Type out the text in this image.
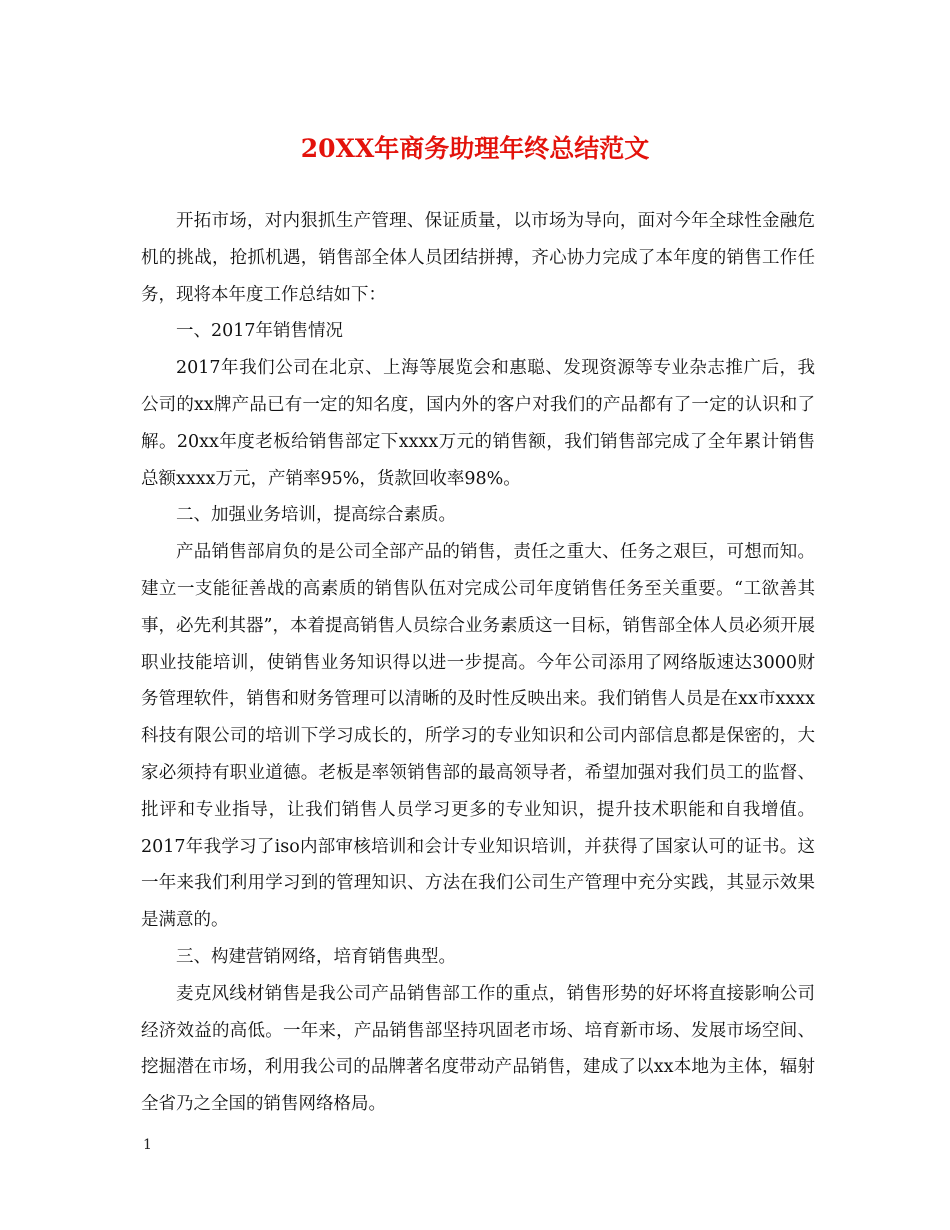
20XX年商务助理年终总结范文

开拓市场，对内狠抓生产管理、保证质量，以市场为导向，面对今年全球性金融危机的挑战，抢抓机遇，销售部全体人员团结拼搏，齐心协力完成了本年度的销售工作任务，现将本年度工作总结如下：

一、2017年销售情况

2017年我们公司在北京、上海等展览会和惠聪、发现资源等专业杂志推广后，我公司的xx牌产品已有一定的知名度，国内外的客户对我们的产品都有了一定的认识和了解。20xx年度老板给销售部定下xxxx万元的销售额，我们销售部完成了全年累计销售总额xxxx万元，产销率95%，货款回收率98%。

二、加强业务培训，提高综合素质。

产品销售部肩负的是公司全部产品的销售，责任之重大、任务之艰巨，可想而知。建立一支能征善战的高素质的销售队伍对完成公司年度销售任务至关重要。“工欲善其事，必先利其器”，本着提高销售人员综合业务素质这一目标，销售部全体人员必须开展职业技能培训，使销售业务知识得以进一步提高。今年公司添用了网络版速达3000财务管理软件，销售和财务管理可以清晰的及时性反映出来。我们销售人员是在xx市xxxx科技有限公司的培训下学习成长的，所学习的专业知识和公司内部信息都是保密的，大家必须持有职业道德。老板是率领销售部的最高领导者，希望加强对我们员工的监督、批评和专业指导，让我们销售人员学习更多的专业知识，提升技术职能和自我增值。2017年我学习了iso内部审核培训和会计专业知识培训，并获得了国家认可的证书。这一年来我们利用学习到的管理知识、方法在我们公司生产管理中充分实践，其显示效果是满意的。

三、构建营销网络，培育销售典型。

麦克风线材销售是我公司产品销售部工作的重点，销售形势的好坏将直接影响公司经济效益的高低。一年来，产品销售部坚持巩固老市场、培育新市场、发展市场空间、挖掘潜在市场，利用我公司的品牌著名度带动产品销售，建成了以xx本地为主体，辐射全省乃之全国的销售网络格局。

1
